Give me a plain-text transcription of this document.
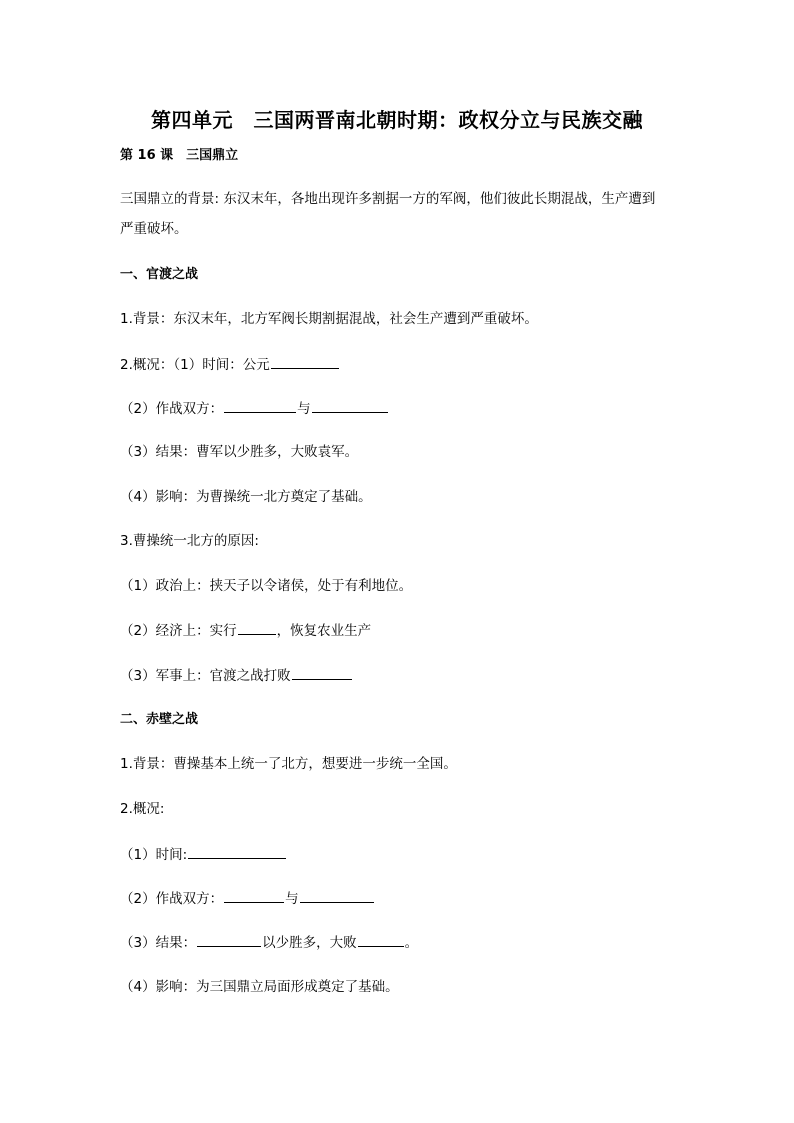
第四单元　三国两晋南北朝时期：政权分立与民族交融
第 16 课　三国鼎立
三国鼎立的背景: 东汉末年，各地出现许多割据一方的军阀，他们彼此长期混战，生产遭到
严重破坏。
一、官渡之战
1.背景：东汉末年，北方军阀长期割据混战，社会生产遭到严重破坏。
2.概况：（1）时间：公元
（2）作战双方：	与
（3）结果：曹军以少胜多，大败袁军。
（4）影响：为曹操统一北方奠定了基础。
3.曹操统一北方的原因:
（1）政治上：挟天子以令诸侯，处于有利地位。
（2）经济上：实行	，恢复农业生产
（3）军事上：官渡之战打败
二、赤壁之战
1.背景：曹操基本上统一了北方，想要进一步统一全国。
2.概况:
（1）时间:
（2）作战双方：	与
（3）结果：	以少胜多，大败	。
（4）影响：为三国鼎立局面形成奠定了基础。
